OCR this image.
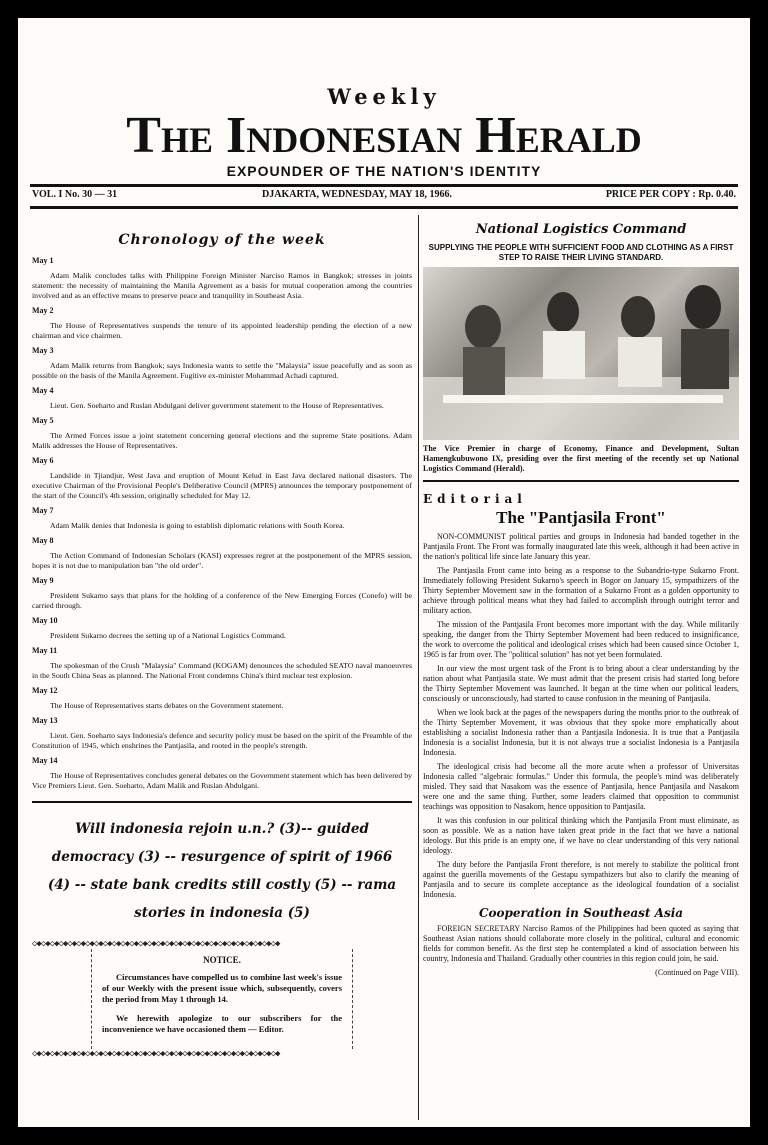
Weekly
The Indonesian Herald
EXPOUNDER OF THE NATION'S IDENTITY
VOL. I No. 30 — 31	DJAKARTA, WEDNESDAY, MAY 18, 1966.	PRICE PER COPY : Rp. 0.40.
Chronology of the week
May 1
Adam Malik concludes talks with Philippine Foreign Minister Narciso Ramos in Bangkok; stresses in joints statement: the necessity of maintaining the Manila Agreement as a basis for mutual cooperation among the countries involved and as an effective means to preserve peace and tranquility in Southeast Asia.
May 2
The House of Representatives suspends the tenure of its appointed leadership pending the election of a new chairman and vice chairmen.
May 3
Adam Malik returns from Bangkok; says Indonesia wants to settle the "Malaysia" issue peacefully and as soon as possible on the basis of the Manila Agreement. Fugitive ex-minister Mohammad Achadi captured.
May 4
Lieut. Gen. Soeharto and Ruslan Abdulgani deliver government statement to the House of Representatives.
May 5
The Armed Forces issue a joint statement concerning general elections and the supreme State positions. Adam Malik addresses the House of Representatives.
May 6
Landslide in Tjiandjur, West Java and eruption of Mount Kelud in East Java declared national disasters. The executive Chairman of the Provisional People's Deliberative Council (MPRS) announces the temporary postponement of the start of the Council's 4th session, originally scheduled for May 12.
May 7
Adam Malik denies that Indonesia is going to establish diplomatic relations with South Korea.
May 8
The Action Command of Indonesian Scholars (KASI) expresses regret at the postponement of the MPRS session, hopes it is not due to manipulation ban "the old order".
May 9
President Sukarno says that plans for the holding of a conference of the New Emerging Forces (Conefo) will be carried through.
May 10
President Sukarno decrees the setting up of a National Logistics Command.
May 11
The spokesman of the Crush "Malaysia" Command (KOGAM) denounces the scheduled SEATO naval manoeuvres in the South China Seas as planned. The National Front condemns China's third nuclear test explosion.
May 12
The House of Representatives starts debates on the Government statement.
May 13
Lieut. Gen. Soeharto says Indonesia's defence and security policy must be based on the spirit of the Preamble of the Constitution of 1945, which enshrines the Pantjasila, and rooted in the people's strength.
May 14
The House of Representatives concludes general debates on the Government statement which has been delivered by Vice Premiers Lieut. Gen. Soeharto, Adam Malik and Ruslan Abdulgani.
Will indonesia rejoin u.n.? (3)-- guided democracy (3) -- resurgence of spirit of 1966 (4) -- state bank credits still costly (5) -- rama stories in indonesia (5)
◇◆◇◆◇◆◇◆◇◆◇◆◇◆◇◆◇◆◇◆◇◆◇◆◇◆◇◆◇◆◇◆◇◆◇◆◇◆◇◆◇◆◇◆◇◆◇◆◇◆◇◆◇◆◇◆
NOTICE.

Circumstances have compelled us to combine last week's issue of our Weekly with the present issue which, subsequently, covers the period from May 1 through 14.

We herewith apologize to our subscribers for the inconvenience we have occasioned them — Editor.

◇◆◇◆◇◆◇◆◇◆◇◆◇◆◇◆◇◆◇◆◇◆◇◆◇◆◇◆◇◆◇◆◇◆◇◆◇◆◇◆◇◆◇◆◇◆◇◆◇◆◇◆◇◆◇◆
National Logistics Command
SUPPLYING THE PEOPLE WITH SUFFICIENT FOOD AND CLOTHING AS A FIRST STEP TO RAISE THEIR LIVING STANDARD.
The Vice Premier in charge of Economy, Finance and Development, Sultan Hamengkubuwono IX, presiding over the first meeting of the recently set up National Logistics Command (Herald).
Editorial
The "Pantjasila Front"
NON-COMMUNIST political parties and groups in Indonesia had banded together in the Pantjasila Front. The Front was formally inaugurated late this week, although it had been active in the nation's political life since late January this year.
The Pantjasila Front came into being as a response to the Subandrio-type Sukarno Front. Immediately following President Sukarno's speech in Bogor on January 15, sympathizers of the Thirty September Movement saw in the formation of a Sukarno Front as a golden opportunity to achieve through political means what they had failed to accomplish through outright terror and military action.
The mission of the Pantjasila Front becomes more important with the day. While militarily speaking, the danger from the Thirty September Movement had been reduced to insignificance, the work to overcome the political and ideological crises which had been caused since October 1, 1965 is far from over. The "political solution" has not yet been formulated.
In our view the most urgent task of the Front is to bring about a clear understanding by the nation about what Pantjasila state. We must admit that the present crisis had started long before the Thirty September Movement was launched. It began at the time when our political leaders, consciously or unconsciously, had started to cause confusion in the meaning of Pantjasila.
When we look back at the pages of the newspapers during the months prior to the outbreak of the Thirty September Movement, it was obvious that they spoke more emphatically about establishing a socialist Indonesia rather than a Pantjasila Indonesia. It is true that a Pantjasila Indonesia is a socialist Indonesia, but it is not always true a socialist Indonesia is a Pantjasila Indonesia.
The ideological crisis had become all the more acute when a professor of Universitas Indonesia called "algebraic formulas." Under this formula, the people's mind was deliberately misled. They said that Nasakom was the essence of Pantjasila, hence Pantjasila and Nasakom were one and the same thing. Further, some leaders claimed that opposition to communist teachings was opposition to Nasakom, hence opposition to Pantjasila.
It was this confusion in our political thinking which the Pantjasila Front must eliminate, as soon as possible. We as a nation have taken great pride in the fact that we have a national ideology. But this pride is an empty one, if we have no clear understanding of this very national ideology.
The duty before the Pantjasila Front therefore, is not merely to stabilize the political front against the guerilla movements of the Gestapu sympathizers but also to clarify the meaning of Pantjasila and to secure its complete acceptance as the ideological foundation of a socialist Indonesia.
Cooperation in Southeast Asia
FOREIGN SECRETARY Narciso Ramos of the Philippines had been quoted as saying that Southeast Asian nations should collaborate more closely in the political, cultural and economic fields for common benefit. As the first step he contemplated a kind of association between his country, Indonesia and Thailand. Gradually other countries in this region could join, he said.
(Continued on Page VIII).
